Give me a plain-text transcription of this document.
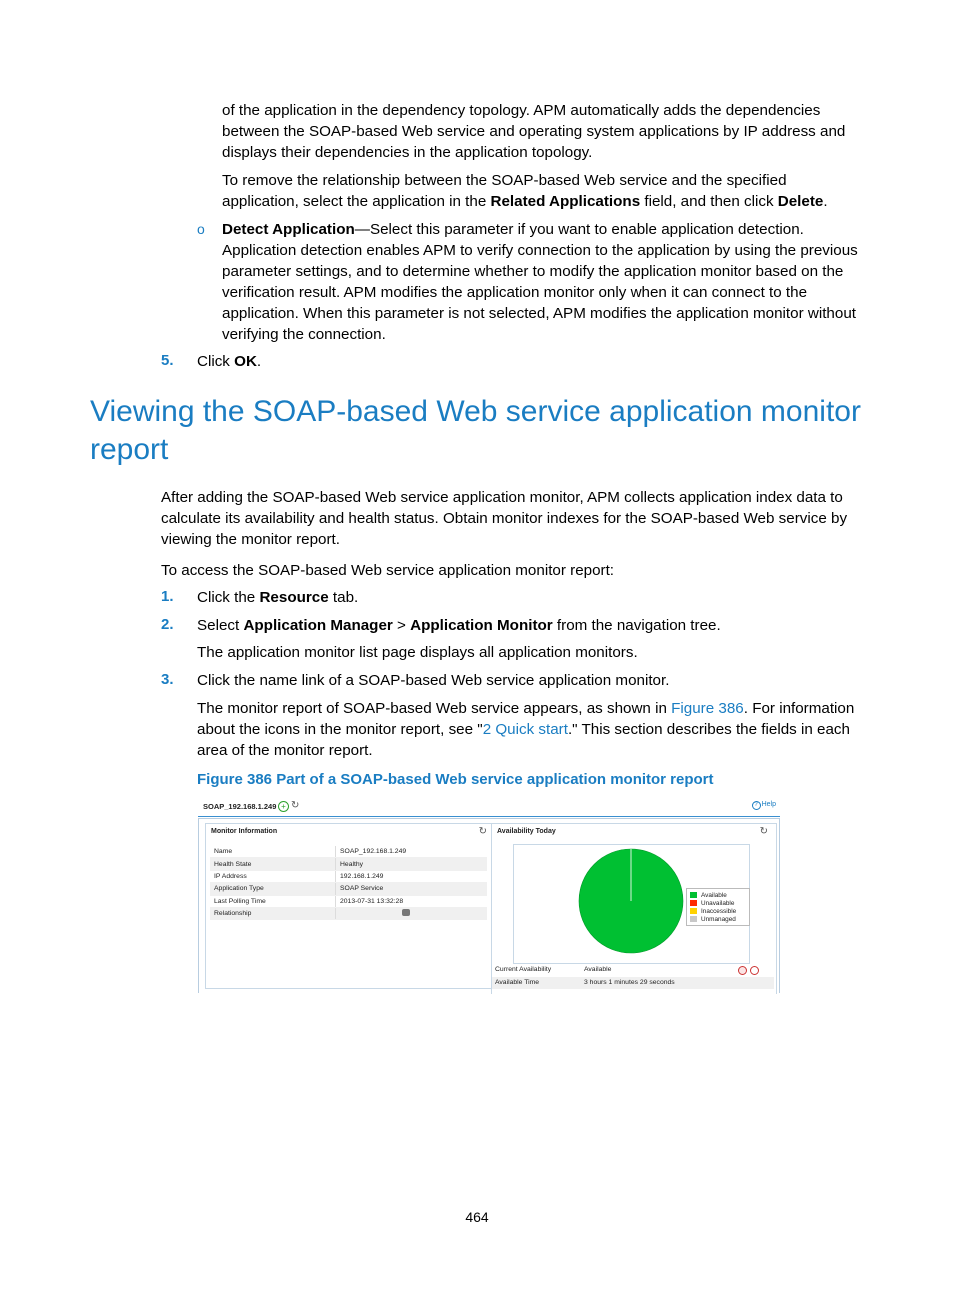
of the application in the dependency topology. APM automatically adds the dependencies between the SOAP-based Web service and operating system applications by IP address and displays their dependencies in the application topology.

To remove the relationship between the SOAP-based Web service and the specified application, select the application in the Related Applications field, and then click Delete.

o Detect Application—Select this parameter if you want to enable application detection. Application detection enables APM to verify connection to the application by using the previous parameter settings, and to determine whether to modify the application monitor based on the verification result. APM modifies the application monitor only when it can connect to the application. When this parameter is not selected, APM modifies the application monitor without verifying the connection.

5. Click OK.

Viewing the SOAP-based Web service application monitor report

After adding the SOAP-based Web service application monitor, APM collects application index data to calculate its availability and health status. Obtain monitor indexes for the SOAP-based Web service by viewing the monitor report.

To access the SOAP-based Web service application monitor report:

1. Click the Resource tab.

2. Select Application Manager > Application Monitor from the navigation tree.

The application monitor list page displays all application monitors.

3. Click the name link of a SOAP-based Web service application monitor.

The monitor report of SOAP-based Web service appears, as shown in Figure 386. For information about the icons in the monitor report, see "2 Quick start." This section describes the fields in each area of the monitor report.

Figure 386 Part of a SOAP-based Web service application monitor report
SOAP_192.168.1.249 + ↻	? Help
Monitor Information	↻
Name	SOAP_192.168.1.249
Health State	Healthy
IP Address	192.168.1.249
Application Type	SOAP Service
Last Polling Time	2013-07-31 13:32:28
Relationship	
Availability Today	↻
Available
Unavailable
Inaccessible
Unmanaged
Current Availability	Available
Available Time	3 hours 1 minutes 29 seconds
464
